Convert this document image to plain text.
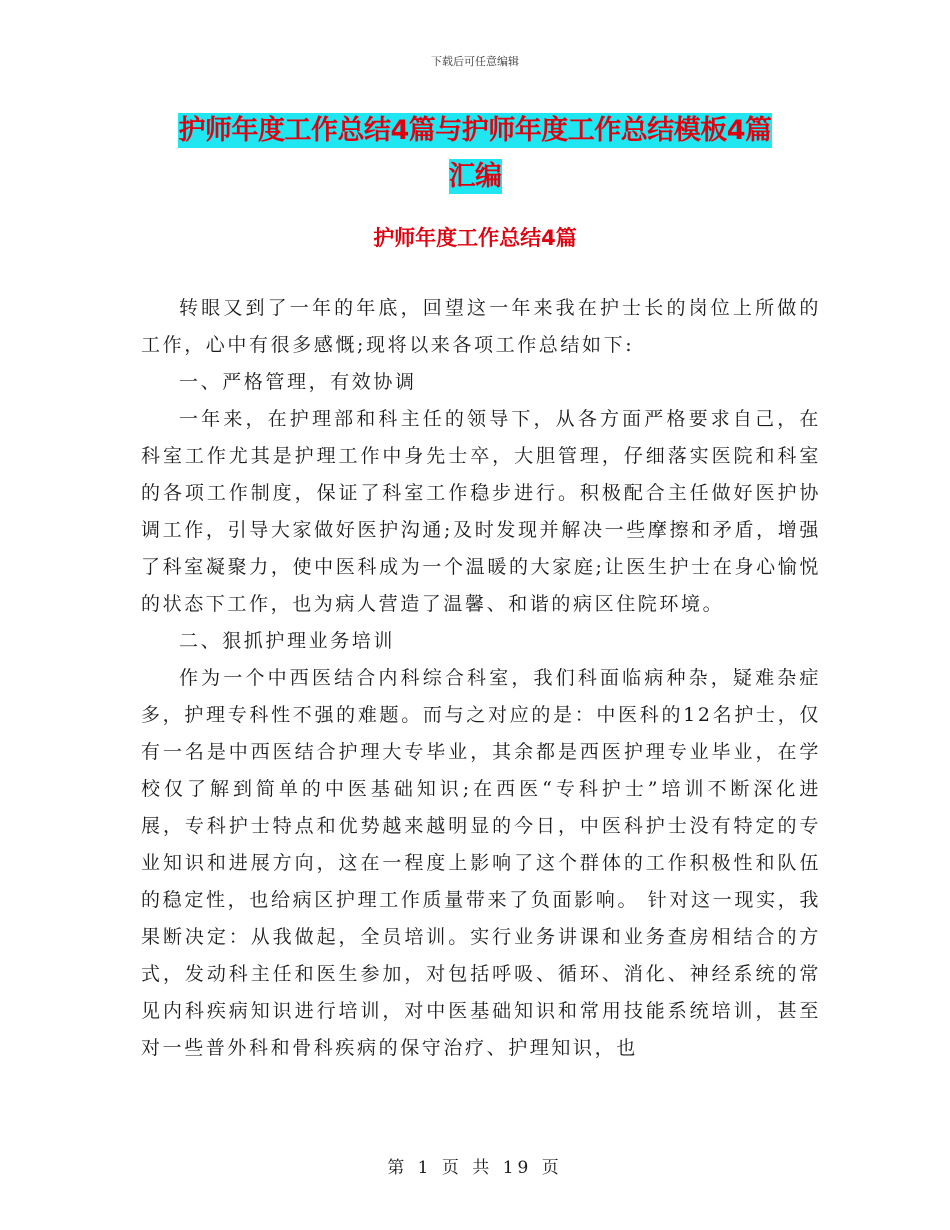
下载后可任意编辑
护师年度工作总结4篇与护师年度工作总结模板4篇
汇编
护师年度工作总结4篇

转眼又到了一年的年底，回望这一年来我在护士长的岗位上所做的工作，心中有很多感慨;现将以来各项工作总结如下:

一、严格管理，有效协调

一年来，在护理部和科主任的领导下，从各方面严格要求自己，在科室工作尤其是护理工作中身先士卒，大胆管理，仔细落实医院和科室的各项工作制度，保证了科室工作稳步进行。积极配合主任做好医护协调工作，引导大家做好医护沟通;及时发现并解决一些摩擦和矛盾，增强了科室凝聚力，使中医科成为一个温暖的大家庭;让医生护士在身心愉悦的状态下工作，也为病人营造了温馨、和谐的病区住院环境。

二、狠抓护理业务培训

作为一个中西医结合内科综合科室，我们科面临病种杂，疑难杂症多，护理专科性不强的难题。而与之对应的是：中医科的12名护士，仅有一名是中西医结合护理大专毕业，其余都是西医护理专业毕业，在学校仅了解到简单的中医基础知识;在西医“专科护士”培训不断深化进展，专科护士特点和优势越来越明显的今日，中医科护士没有特定的专业知识和进展方向，这在一程度上影响了这个群体的工作积极性和队伍的稳定性，也给病区护理工作质量带来了负面影响。 针对这一现实，我果断决定：从我做起，全员培训。实行业务讲课和业务查房相结合的方式，发动科主任和医生参加，对包括呼吸、循环、消化、神经系统的常见内科疾病知识进行培训，对中医基础知识和常用技能系统培训，甚至对一些普外科和骨科疾病的保守治疗、护理知识，也

第 1 页 共 19 页
